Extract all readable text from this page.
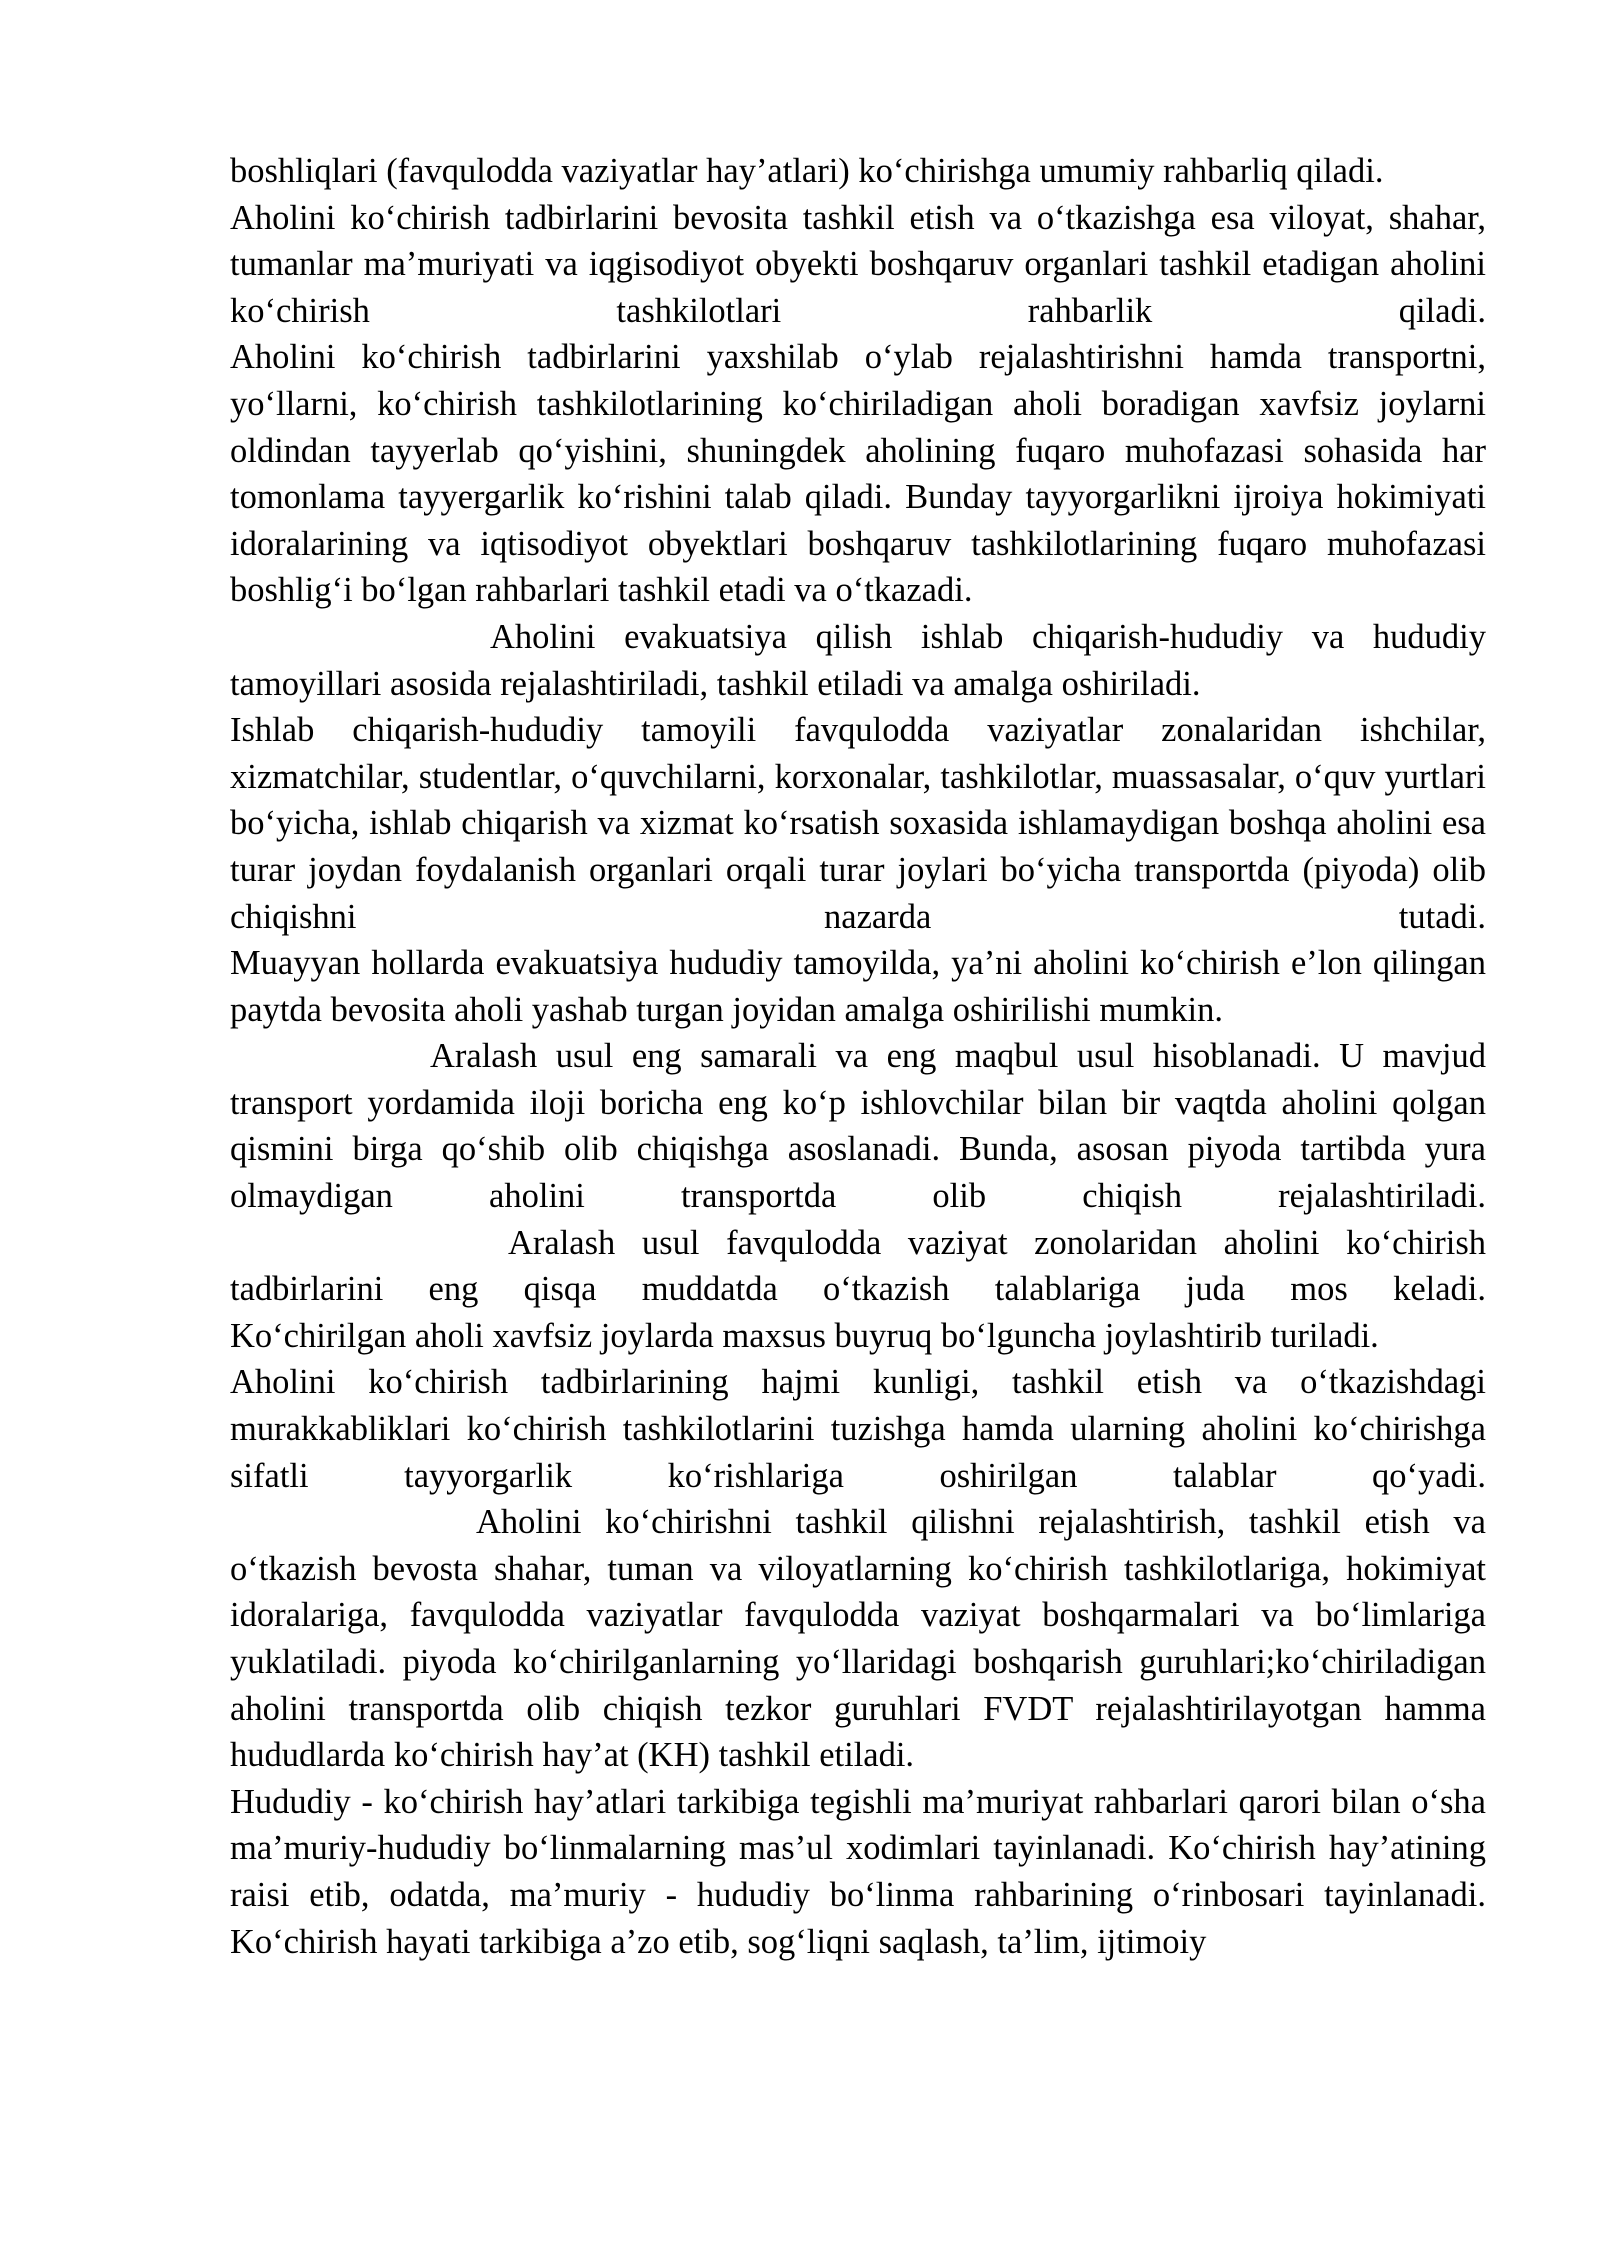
boshliqlari (favqulodda vaziyatlar hay’atlari) ko‘chirishga umumiy rahbarliq qiladi.

Aholini ko‘chirish tadbirlarini bevosita tashkil etish va o‘tkazishga esa viloyat, shahar, tumanlar ma’muriyati va iqgisodiyot obyekti boshqaruv organlari tashkil etadigan aholini ko‘chirish tashkilotlari rahbarlik qiladi.

Aholini ko‘chirish tadbirlarini yaxshilab o‘ylab rejalashtirishni hamda transportni, yo‘llarni, ko‘chirish tashkilotlarining ko‘chiriladigan aholi boradigan xavfsiz joylarni oldindan tayyerlab qo‘yishini, shuningdek aholining fuqaro muhofazasi sohasida har tomonlama tayyergarlik ko‘rishini talab qiladi. Bunday tayyorgarlikni ijroiya hokimiyati idoralarining va iqtisodiyot obyektlari boshqaruv tashkilotlarining fuqaro muhofazasi boshlig‘i bo‘lgan rahbarlari tashkil etadi va o‘tkazadi.

Aholini evakuatsiya qilish ishlab chiqarish-hududiy va hududiy tamoyillari asosida rejalashtiriladi, tashkil etiladi va amalga oshiriladi.

Ishlab chiqarish-hududiy tamoyili favqulodda vaziyatlar zonalaridan ishchilar, xizmatchilar, studentlar, o‘quvchilarni, korxonalar, tashkilotlar, muassasalar, o‘quv yurtlari bo‘yicha, ishlab chiqarish va xizmat ko‘rsatish soxasida ishlamaydigan boshqa aholini esa turar joydan foydalanish organlari orqali turar joylari bo‘yicha transportda (piyoda) olib chiqishni nazarda tutadi.

Muayyan hollarda evakuatsiya hududiy tamoyilda, ya’ni aholini ko‘chirish e’lon qilingan paytda bevosita aholi yashab turgan joyidan amalga oshirilishi mumkin.

Aralash usul eng samarali va eng maqbul usul hisoblanadi. U mavjud transport yordamida iloji boricha eng ko‘p ishlovchilar bilan bir vaqtda aholini qolgan qismini birga qo‘shib olib chiqishga asoslanadi. Bunda, asosan piyoda tartibda yura olmaydigan aholini transportda olib chiqish rejalashtiriladi.

Aralash usul favqulodda vaziyat zonolaridan aholini ko‘chirish tadbirlarini eng qisqa muddatda o‘tkazish talablariga juda mos keladi.

Ko‘chirilgan aholi xavfsiz joylarda maxsus buyruq bo‘lguncha joylashtirib turiladi.

Aholini ko‘chirish tadbirlarining hajmi kunligi, tashkil etish va o‘tkazishdagi murakkabliklari ko‘chirish tashkilotlarini tuzishga hamda ularning aholini ko‘chirishga sifatli tayyorgarlik ko‘rishlariga oshirilgan talablar qo‘yadi.

Aholini ko‘chirishni tashkil qilishni rejalashtirish, tashkil etish va o‘tkazish bevosta shahar, tuman va viloyatlarning ko‘chirish tashkilotlariga, hokimiyat idoralariga, favqulodda vaziyatlar favqulodda vaziyat boshqarmalari va bo‘limlariga yuklatiladi. piyoda ko‘chirilganlarning yo‘llaridagi boshqarish guruhlari;ko‘chiriladigan aholini transportda olib chiqish tezkor guruhlari FVDT rejalashtirilayotgan hamma hududlarda ko‘chirish hay’at (KH) tashkil etiladi.

Hududiy - ko‘chirish hay’atlari tarkibiga tegishli ma’muriyat rahbarlari qarori bilan o‘sha ma’muriy-hududiy bo‘linmalarning mas’ul xodimlari tayinlanadi. Ko‘chirish hay’atining raisi etib, odatda, ma’muriy - hududiy bo‘linma rahbarining o‘rinbosari tayinlanadi. Ko‘chirish hayati tarkibiga a’zo etib, sog‘liqni saqlash, ta’lim, ijtimoiy
